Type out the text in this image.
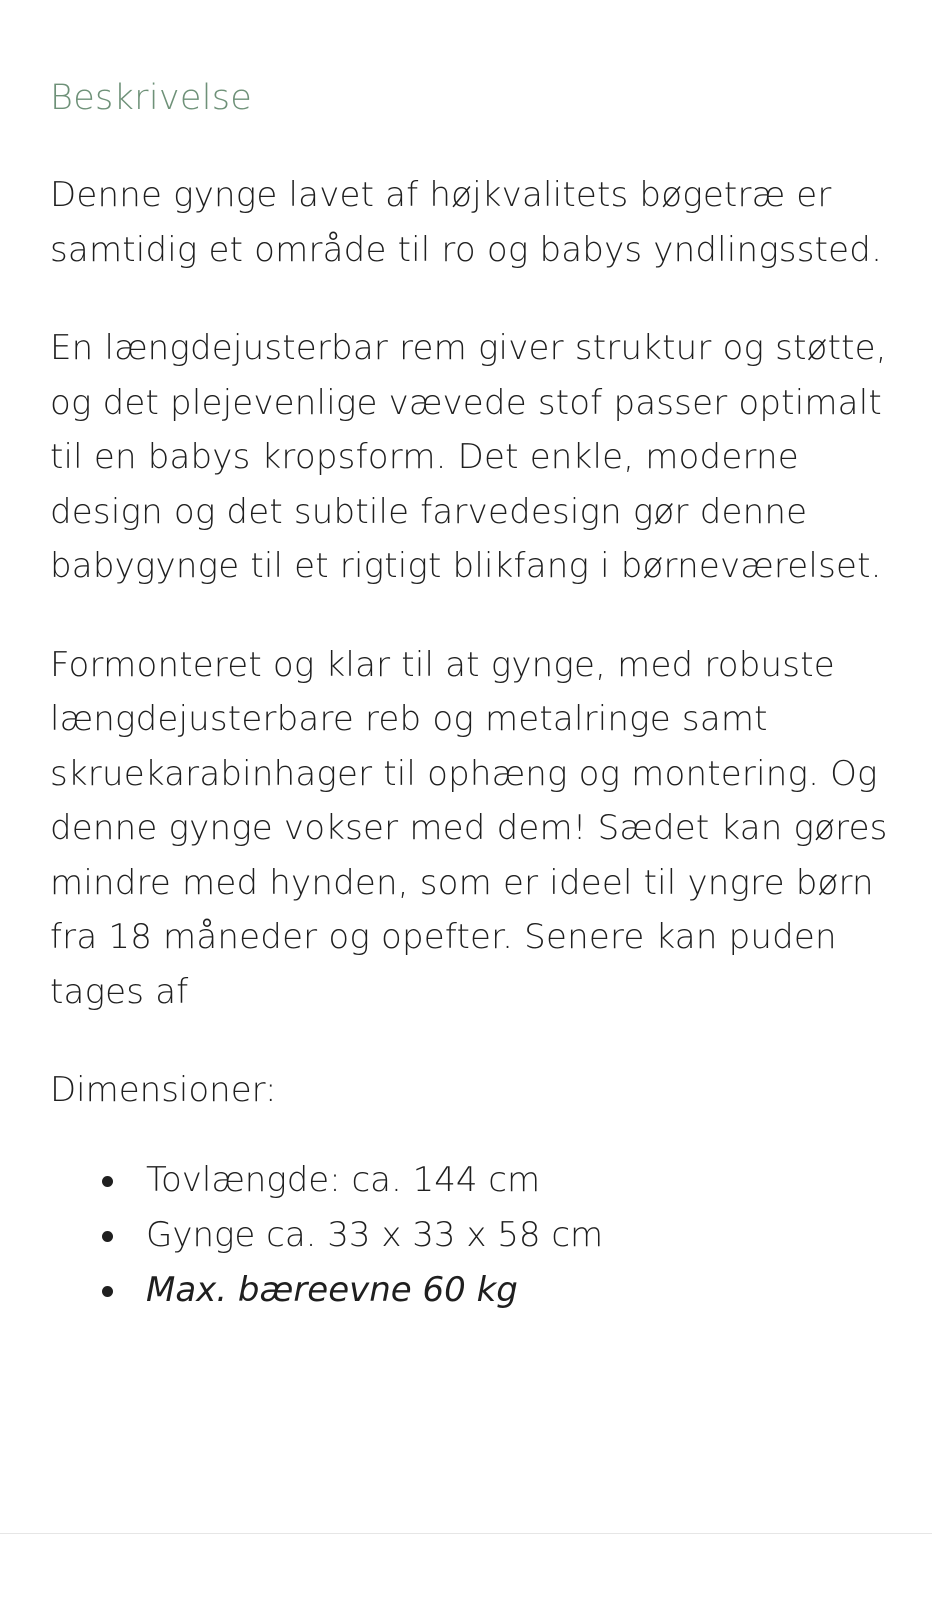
Beskrivelse

Denne gynge lavet af højkvalitets bøgetræ er samtidig et område til ro og babys yndlingssted.

En længdejusterbar rem giver struktur og støtte, og det plejevenlige vævede stof passer optimalt til en babys kropsform. Det enkle, moderne design og det subtile farvedesign gør denne babygynge til et rigtigt blikfang i børneværelset.

Formonteret og klar til at gynge, med robuste længdejusterbare reb og metalringe samt skruekarabinhager til ophæng og montering. Og denne gynge vokser med dem! Sædet kan gøres mindre med hynden, som er ideel til yngre børn fra 18 måneder og opefter. Senere kan puden tages af

Dimensioner:

Tovlængde: ca. 144 cm
Gynge ca. 33 x 33 x 58 cm
Max. bæreevne 60 kg
